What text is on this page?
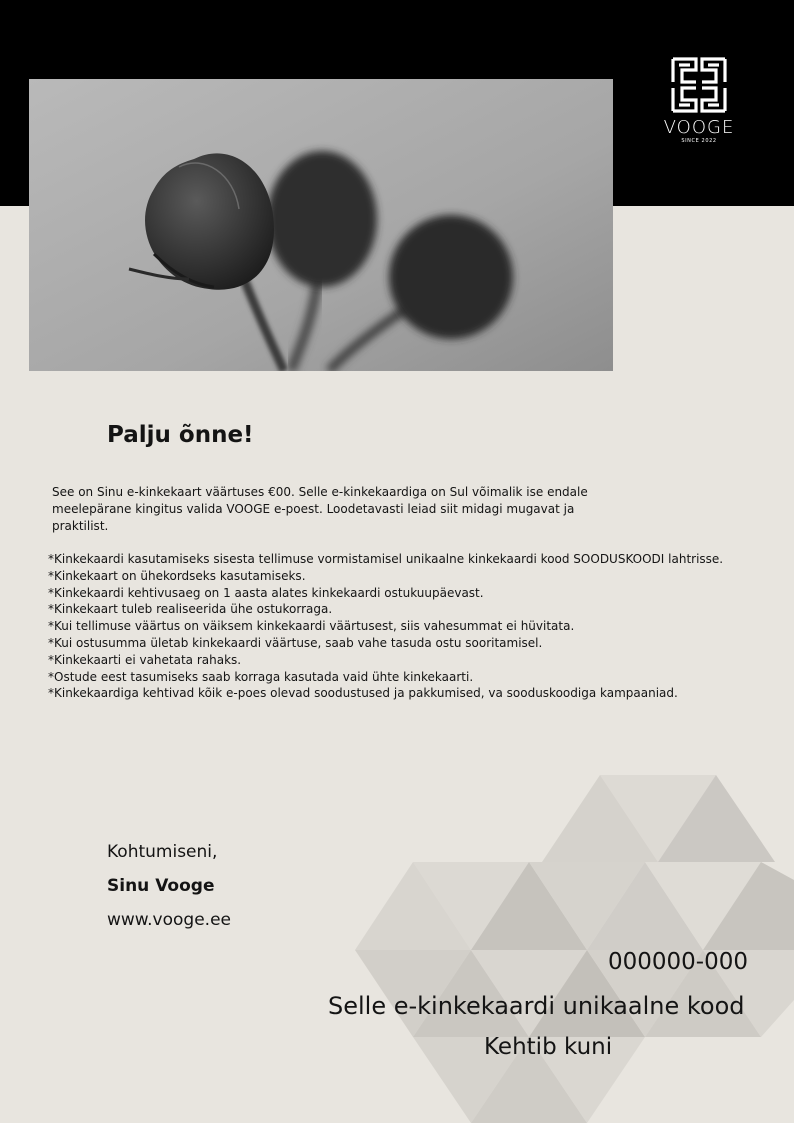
VOOGE
SINCE 2022
Palju õnne!

See on Sinu e-kinkekaart väärtuses €00. Selle e-kinkekaardiga on Sul võimalik ise endale meelepärane kingitus valida VOOGE e-poest. Loodetavasti leiad siit midagi mugavat ja praktilist.

*Kinkekaardi kasutamiseks sisesta tellimuse vormistamisel unikaalne kinkekaardi kood SOODUSKOODI lahtrisse.
*Kinkekaart on ühekordseks kasutamiseks.
*Kinkekaardi kehtivusaeg on 1 aasta alates kinkekaardi ostukuupäevast.
*Kinkekaart tuleb realiseerida ühe ostukorraga.
*Kui tellimuse väärtus on väiksem kinkekaardi väärtusest, siis vahesummat ei hüvitata.
*Kui ostusumma ületab kinkekaardi väärtuse, saab vahe tasuda ostu sooritamisel.
*Kinkekaarti ei vahetata rahaks.
*Ostude eest tasumiseks saab korraga kasutada vaid ühte kinkekaarti.
*Kinkekaardiga kehtivad kõik e-poes olevad soodustused ja pakkumised, va sooduskoodiga kampaaniad.
Kohtumiseni,
Sinu Vooge
www.vooge.ee
000000-000
Selle e-kinkekaardi unikaalne kood
Kehtib kuni
